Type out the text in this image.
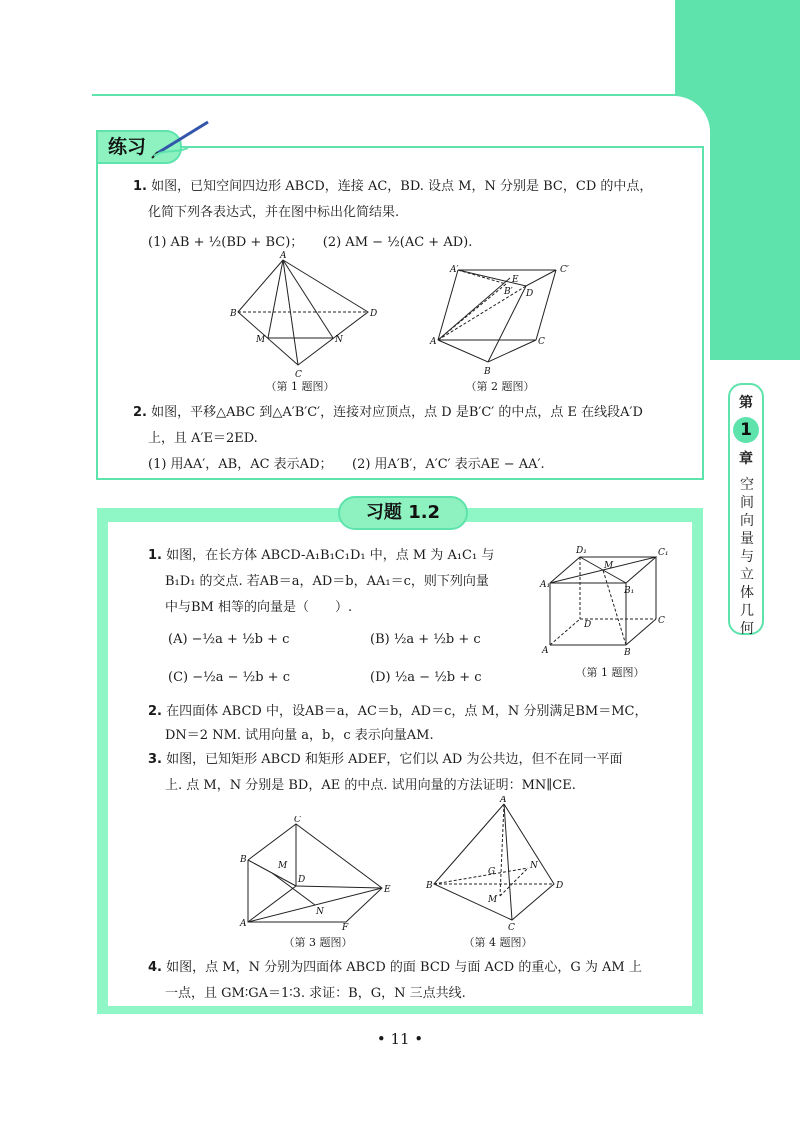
第
1
章
空间向量与立体几何
练习
1. 如图，已知空间四边形 ABCD，连接 AC，BD. 设点 M，N 分别是 BC，CD 的中点，
化简下列各表达式，并在图中标出化简结果.
(1) AB + ½(BD + BC)；　　(2) AM − ½(AC + AD).
A
B	D
C
M	N
（第 1 题图）
A′	C′
E
B′ D
A	C
B
（第 2 题图）
2. 如图，平移△ABC 到△A′B′C′，连接对应顶点，点 D 是B′C′ 的中点，点 E 在线段A′D
上，且 A′E＝2ED.
(1) 用AA′，AB，AC 表示AD；　　(2) 用A′B′，A′C′ 表示AE − AA′.
习题 1.2
1. 如图，在长方体 ABCD-A₁B₁C₁D₁ 中，点 M 为 A₁C₁ 与
B₁D₁ 的交点. 若AB＝a，AD＝b，AA₁＝c，则下列向量
中与BM 相等的向量是（　　）.
(A) −½a + ½b + c	(B) ½a + ½b + c
(C) −½a − ½b + c	(D) ½a − ½b + c
D₁	C₁
A₁
M
B₁
D	C
A	B
（第 1 题图）
2. 在四面体 ABCD 中，设AB＝a，AC＝b，AD＝c，点 M，N 分别满足BM＝MC，
DN＝2 NM. 试用向量 a，b，c 表示向量AM.
3. 如图，已知矩形 ABCD 和矩形 ADEF，它们以 AD 为公共边，但不在同一平面
上. 点 M，N 分别是 BD，AE 的中点. 试用向量的方法证明：MN∥CE.
C
B
M
D
E
N
A	F
（第 3 题图）
A
B
G
N
D
M
C
（第 4 题图）
4. 如图，点 M，N 分别为四面体 ABCD 的面 BCD 与面 ACD 的重心，G 为 AM 上
一点，且 GM∶GA＝1∶3. 求证：B，G，N 三点共线.
• 11 •
